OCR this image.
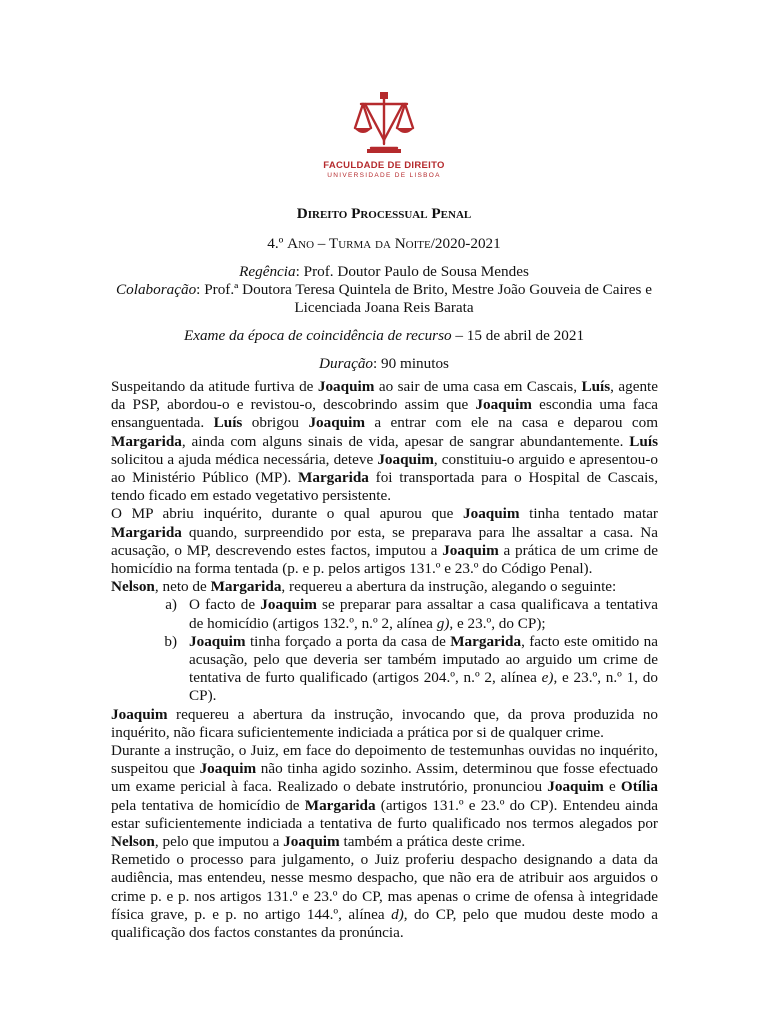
FACULDADE DE DIREITO
UNIVERSIDADE DE LISBOA

Direito Processual Penal

4.º Ano – Turma da Noite/2020-2021

Regência: Prof. Doutor Paulo de Sousa Mendes

Colaboração: Prof.ª Doutora Teresa Quintela de Brito, Mestre João Gouveia de Caires e Licenciada Joana Reis Barata

Exame da época de coincidência de recurso – 15 de abril de 2021

Duração: 90 minutos

Suspeitando da atitude furtiva de Joaquim ao sair de uma casa em Cascais, Luís, agente da PSP, abordou-o e revistou-o, descobrindo assim que Joaquim escondia uma faca ensanguentada. Luís obrigou Joaquim a entrar com ele na casa e deparou com Margarida, ainda com alguns sinais de vida, apesar de sangrar abundantemente. Luís solicitou a ajuda médica necessária, deteve Joaquim, constituiu-o arguido e apresentou-o ao Ministério Público (MP). Margarida foi transportada para o Hospital de Cascais, tendo ficado em estado vegetativo persistente.

O MP abriu inquérito, durante o qual apurou que Joaquim tinha tentado matar Margarida quando, surpreendido por esta, se preparava para lhe assaltar a casa. Na acusação, o MP, descrevendo estes factos, imputou a Joaquim a prática de um crime de homicídio na forma tentada (p. e p. pelos artigos 131.º e 23.º do Código Penal).

Nelson, neto de Margarida, requereu a abertura da instrução, alegando o seguinte:

a) O facto de Joaquim se preparar para assaltar a casa qualificava a tentativa de homicídio (artigos 132.º, n.º 2, alínea g), e 23.º, do CP);
b) Joaquim tinha forçado a porta da casa de Margarida, facto este omitido na acusação, pelo que deveria ser também imputado ao arguido um crime de tentativa de furto qualificado (artigos 204.º, n.º 2, alínea e), e 23.º, n.º 1, do CP).

Joaquim requereu a abertura da instrução, invocando que, da prova produzida no inquérito, não ficara suficientemente indiciada a prática por si de qualquer crime.

Durante a instrução, o Juiz, em face do depoimento de testemunhas ouvidas no inquérito, suspeitou que Joaquim não tinha agido sozinho. Assim, determinou que fosse efectuado um exame pericial à faca. Realizado o debate instrutório, pronunciou Joaquim e Otília pela tentativa de homicídio de Margarida (artigos 131.º e 23.º do CP). Entendeu ainda estar suficientemente indiciada a tentativa de furto qualificado nos termos alegados por Nelson, pelo que imputou a Joaquim também a prática deste crime.

Remetido o processo para julgamento, o Juiz proferiu despacho designando a data da audiência, mas entendeu, nesse mesmo despacho, que não era de atribuir aos arguidos o crime p. e p. nos artigos 131.º e 23.º do CP, mas apenas o crime de ofensa à integridade física grave, p. e p. no artigo 144.º, alínea d), do CP, pelo que mudou deste modo a qualificação dos factos constantes da pronúncia.
